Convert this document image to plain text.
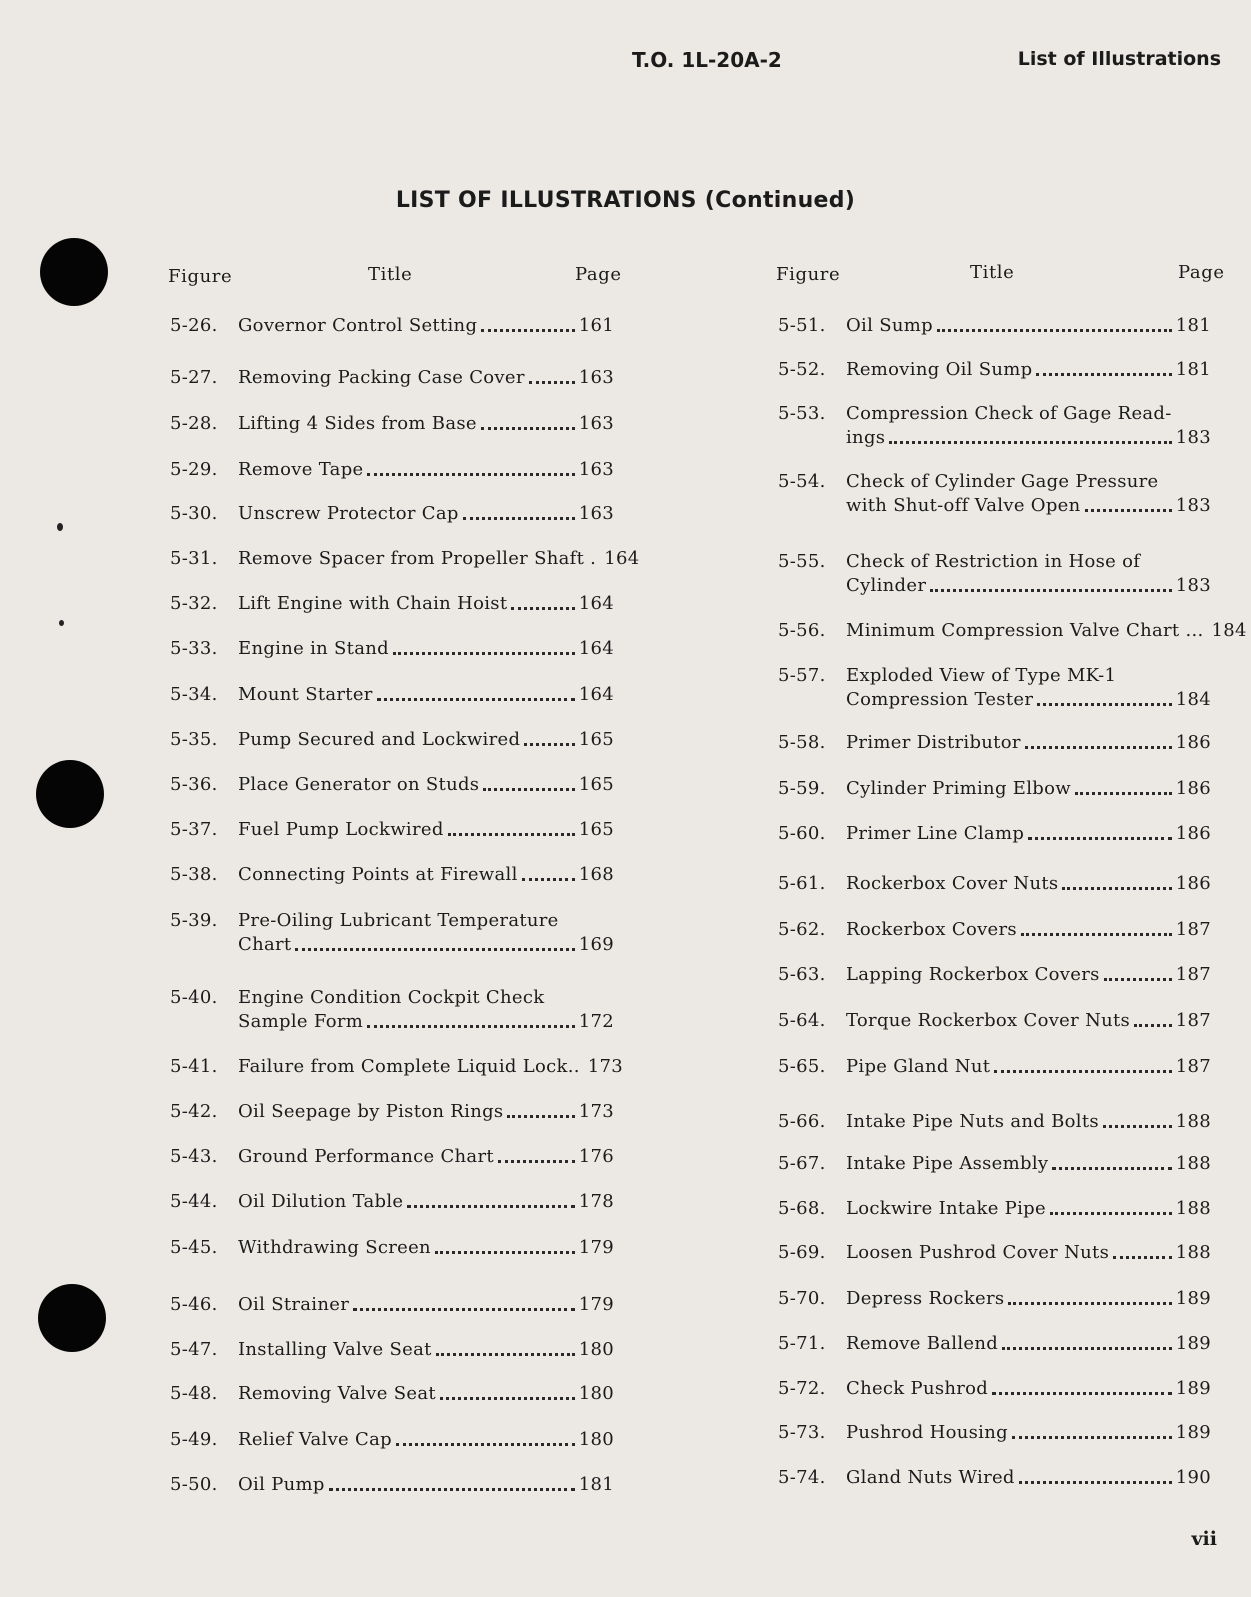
T.O. 1L-20A-2	List of Illustrations
LIST OF ILLUSTRATIONS (Continued)
Figure	Title	Page	Figure	Title	Page
5-26.	Governor Control Setting	161
5-27.	Removing Packing Case Cover	163
5-28.	Lifting 4 Sides from Base	163
5-29.	Remove Tape	163
5-30.	Unscrew Protector Cap	163
5-31.	Remove Spacer from Propeller Shaft . 164
5-32.	Lift Engine with Chain Hoist	164
5-33.	Engine in Stand	164
5-34.	Mount Starter	164
5-35.	Pump Secured and Lockwired	165
5-36.	Place Generator on Studs	165
5-37.	Fuel Pump Lockwired	165
5-38.	Connecting Points at Firewall	168
5-39.	Pre-Oiling Lubricant Temperature
Chart	169
5-40.	Engine Condition Cockpit Check
Sample Form	172
5-41.	Failure from Complete Liquid Lock.. 173
5-42.	Oil Seepage by Piston Rings	173
5-43.	Ground Performance Chart	176
5-44.	Oil Dilution Table	178
5-45.	Withdrawing Screen	179
5-46.	Oil Strainer	179
5-47.	Installing Valve Seat	180
5-48.	Removing Valve Seat	180
5-49.	Relief Valve Cap	180
5-50.	Oil Pump	181
5-51.	Oil Sump	181
5-52.	Removing Oil Sump	181
5-53.	Compression Check of Gage Read-
ings	183
5-54.	Check of Cylinder Gage Pressure
with Shut-off Valve Open	183
5-55.	Check of Restriction in Hose of
Cylinder	183
5-56.	Minimum Compression Valve Chart ... 184
5-57.	Exploded View of Type MK-1
Compression Tester	184
5-58.	Primer Distributor	186
5-59.	Cylinder Priming Elbow	186
5-60.	Primer Line Clamp	186
5-61.	Rockerbox Cover Nuts	186
5-62.	Rockerbox Covers	187
5-63.	Lapping Rockerbox Covers	187
5-64.	Torque Rockerbox Cover Nuts	187
5-65.	Pipe Gland Nut	187
5-66.	Intake Pipe Nuts and Bolts	188
5-67.	Intake Pipe Assembly	188
5-68.	Lockwire Intake Pipe	188
5-69.	Loosen Pushrod Cover Nuts	188
5-70.	Depress Rockers	189
5-71.	Remove Ballend	189
5-72.	Check Pushrod	189
5-73.	Pushrod Housing	189
5-74.	Gland Nuts Wired	190
vii
